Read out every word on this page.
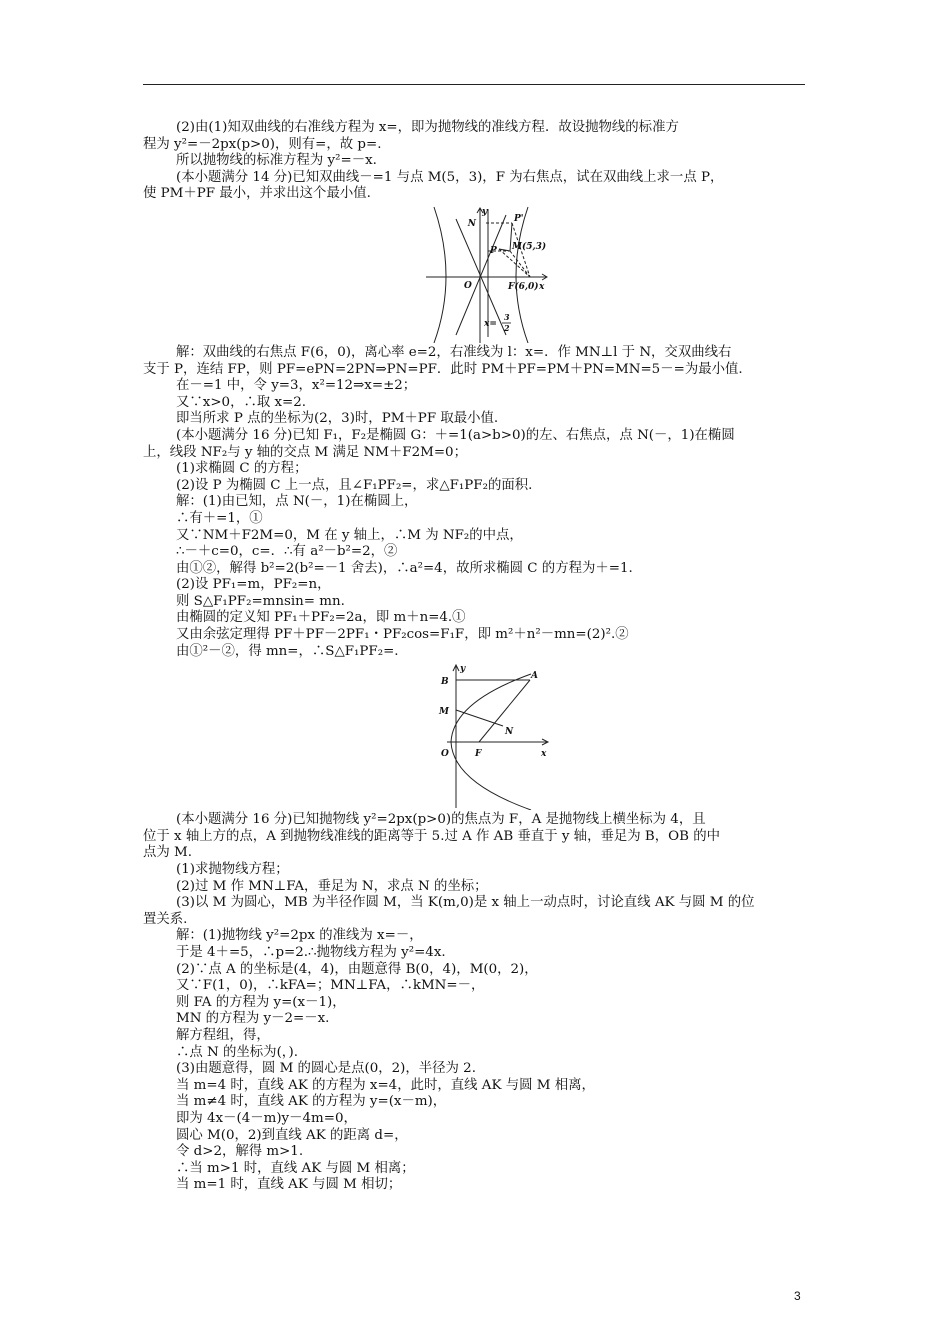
(2)由(1)知双曲线的右准线方程为 x=，即为抛物线的准线方程．故设抛物线的标准方

程为 y²=－2px(p>0)，则有=，故 p=.

所以抛物线的标准方程为 y²=－x.

(本小题满分 14 分)已知双曲线－=1 与点 M(5，3)，F 为右焦点，试在双曲线上求一点 P，

使 PM＋PF 最小，并求出这个最小值.

y
x
N	P'
P M(5,3)
O	F(6,0)
x=
3
2

解：双曲线的右焦点 F(6，0)，离心率 e=2，右准线为 l：x=．作 MN⊥l 于 N，交双曲线右

支于 P，连结 FP，则 PF=ePN=2PN⇒PN=PF．此时 PM＋PF=PM＋PN=MN=5－=为最小值.

在－=1 中，令 y=3，x²=12⇒x=±2；

又∵x>0，∴取 x=2.

即当所求 P 点的坐标为(2，3)时，PM＋PF 取最小值.

(本小题满分 16 分)已知 F₁，F₂是椭圆 G：＋=1(a>b>0)的左、右焦点，点 N(－，1)在椭圆

上，线段 NF₂与 y 轴的交点 M 满足 NM＋F2M=0；

(1)求椭圆 C 的方程；

(2)设 P 为椭圆 C 上一点，且∠F₁PF₂=，求△F₁PF₂的面积.

解：(1)由已知，点 N(－，1)在椭圆上，

∴有＋=1，①

又∵NM＋F2M=0，M 在 y 轴上，∴M 为 NF₂的中点，

∴－＋c=0，c=．∴有 a²－b²=2，②

由①②，解得 b²=2(b²=－1 舍去)，∴a²=4，故所求椭圆 C 的方程为＋=1.

(2)设 PF₁=m，PF₂=n，

则 S△F₁PF₂=mnsin= mn.

由椭圆的定义知 PF₁＋PF₂=2a，即 m＋n=4.①

又由余弦定理得 PF＋PF－2PF₁・PF₂cos=F₁F，即 m²＋n²－mn=(2)².②

由①²－②，得 mn=，∴S△F₁PF₂=.

y
x
A
B
M
N
O	F

(本小题满分 16 分)已知抛物线 y²=2px(p>0)的焦点为 F，A 是抛物线上横坐标为 4，且

位于 x 轴上方的点，A 到抛物线准线的距离等于 5.过 A 作 AB 垂直于 y 轴，垂足为 B，OB 的中

点为 M.

(1)求抛物线方程；

(2)过 M 作 MN⊥FA，垂足为 N，求点 N 的坐标；

(3)以 M 为圆心，MB 为半径作圆 M，当 K(m,0)是 x 轴上一动点时，讨论直线 AK 与圆 M 的位

置关系.

解：(1)抛物线 y²=2px 的准线为 x=－，

于是 4＋=5，∴p=2.∴抛物线方程为 y²=4x.

(2)∵点 A 的坐标是(4，4)，由题意得 B(0，4)，M(0，2)，

又∵F(1，0)，∴kFA=；MN⊥FA，∴kMN=－，

则 FA 的方程为 y=(x－1)，

MN 的方程为 y－2=－x.

解方程组，得，

∴点 N 的坐标为(，).

(3)由题意得，圆 M 的圆心是点(0，2)，半径为 2.

当 m=4 时，直线 AK 的方程为 x=4，此时，直线 AK 与圆 M 相离，

当 m≠4 时，直线 AK 的方程为 y=(x－m)，

即为 4x－(4－m)y－4m=0，

圆心 M(0，2)到直线 AK 的距离 d=，

令 d>2，解得 m>1.

∴当 m>1 时，直线 AK 与圆 M 相离；

当 m=1 时，直线 AK 与圆 M 相切；

3
